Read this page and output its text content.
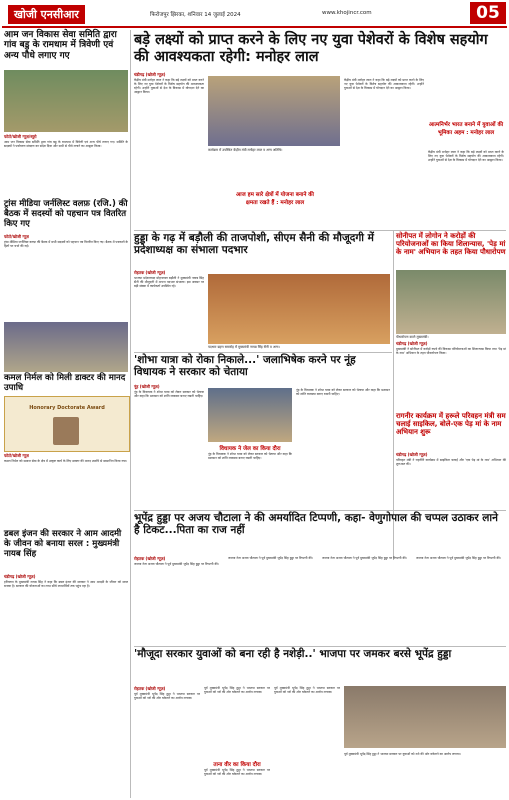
खोजी एनसीआर	फिरोजपुर झिरका, शनिवार 14 जुलाई 2024	www.khojincr.com	05
आम जन विकास सेवा समिति द्वारा गांव बडु के रामधाम में त्रिवेणी एवं अन्य पौधे लगाए गए
फोटो/खोजी न्यूज़/ब्यूरो
आम जन विकास सेवा समिति द्वारा गांव बडु के रामधाम में त्रिवेणी एवं अन्य पौधे लगाए गए। समिति के सदस्यों ने पर्यावरण संरक्षण का संदेश दिया और सभी से पौधे लगाने का आह्वान किया।
ट्रांस मीडिया जर्नलिस्ट वलफ़ (रजि.) की बैठक में सदस्यों को पहचान पत्र वितरित किए गए
फोटो/खोजी न्यूज़
ट्रांस मीडिया जर्नलिस्ट वलफ़ की बैठक में सभी सदस्यों को पहचान पत्र वितरित किए गए। बैठक में पत्रकारों के हितों पर चर्चा की गई।
कमल निर्मल को मिली डाक्टर की मानद उपाधि
Honorary Doctorate Award
फोटो/खोजी न्यूज़
कमल निर्मल को समाज सेवा के क्षेत्र में उत्कृष्ट कार्य के लिए डाक्टर की मानद उपाधि से सम्मानित किया गया।
डबल इंजन की सरकार ने आम आदमी के जीवन को बनाया सरल : मुख्यमंत्री नायब सिंह
चंडीगढ़ (खोजी न्यूज़)
हरियाणा के मुख्यमंत्री नायब सिंह ने कहा कि डबल इंजन की सरकार ने आम आदमी के जीवन को सरल बनाया है। सरकार की योजनाओं का लाभ सीधे लाभार्थियों तक पहुंच रहा है।
बड़े लक्ष्यों को प्राप्त करने के लिए नए युवा पेशेवरों के विशेष सहयोग की आवश्यकता रहेगी: मनोहर लाल
चंडीगढ़ (खोजी न्यूज़)
केंद्रीय मंत्री मनोहर लाल ने कहा कि बड़े लक्ष्यों को प्राप्त करने के लिए नए युवा पेशेवरों के विशेष सहयोग की आवश्यकता रहेगी। उन्होंने युवाओं से देश के विकास में योगदान देने का आह्वान किया।
कार्यक्रम में उपस्थित केंद्रीय मंत्री मनोहर लाल व अन्य अतिथि।
आज हम सारे क्षेत्रों में योजना बनाने की क्षमता रखते हैं : मनोहर लाल
केंद्रीय मंत्री मनोहर लाल ने कहा कि बड़े लक्ष्यों को प्राप्त करने के लिए नए युवा पेशेवरों के विशेष सहयोग की आवश्यकता रहेगी। उन्होंने युवाओं से देश के विकास में योगदान देने का आह्वान किया।
आत्मनिर्भर भारत बनाने में युवाओं की भूमिका अहम : मनोहर लाल
केंद्रीय मंत्री मनोहर लाल ने कहा कि बड़े लक्ष्यों को प्राप्त करने के लिए नए युवा पेशेवरों के विशेष सहयोग की आवश्यकता रहेगी। उन्होंने युवाओं से देश के विकास में योगदान देने का आह्वान किया।
हुड्डा के गढ़ में बड़ौली की ताजपोशी, सीएम सैनी की मौजूदगी में प्रदेशाध्यक्ष का संभाला पदभार
रोहतक (खोजी न्यूज़)
भाजपा प्रदेशाध्यक्ष मोहनलाल बड़ौली ने मुख्यमंत्री नायब सिंह सैनी की मौजूदगी में अपना पदभार संभाला। इस अवसर पर बड़ी संख्या में कार्यकर्ता उपस्थित रहे।
पदभार ग्रहण समारोह में मुख्यमंत्री नायब सिंह सैनी व अन्य।
सोनीपत में लोगोन ने करोड़ों की परियोजनाओं का किया शिलान्यास, 'पेड़ मां के नाम' अभियान के तहत किया पौधारोपण
पौधारोपण करते मुख्यमंत्री।
चंडीगढ़ (खोजी न्यूज़)
मुख्यमंत्री ने सोनीपत में करोड़ों रुपये की विकास परियोजनाओं का शिलान्यास किया तथा 'पेड़ मां के नाम' अभियान के तहत पौधारोपण किया।
'शोभा यात्रा को रोका निकाले...' जलाभिषेक करने पर नूंह विधायक ने सरकार को चेताया
नूंह (खोजी न्यूज़)
नूंह के विधायक ने शोभा यात्रा को लेकर सरकार को चेताया और कहा कि प्रशासन को शांति व्यवस्था बनाए रखनी चाहिए।
विधायक ने जेल का किया दौरा
नूंह के विधायक ने शोभा यात्रा को लेकर सरकार को चेताया और कहा कि प्रशासन को शांति व्यवस्था बनाए रखनी चाहिए।
नूंह के विधायक ने शोभा यात्रा को लेकर सरकार को चेताया और कहा कि प्रशासन को शांति व्यवस्था बनाए रखनी चाहिए।
रागनीर कार्यक्रम में हरूले परिवहन मंत्री सम चलाई साइकिल, बोले-एक पेड़ मां के नाम अभियान शुरू
चंडीगढ़ (खोजी न्यूज़)
परिवहन मंत्री ने राहगीरी कार्यक्रम में साइकिल चलाई और 'एक पेड़ मां के नाम' अभियान की शुरुआत की।
भूपेंद्र हुड्डा पर अजय चौटाला ने की अमर्यादित टिप्पणी, कहा- वेणुगोपाल की चप्पल उठाकर लाने है टिकट...पिता का राज नहीं
रोहतक (खोजी न्यूज़)
जजपा नेता अजय चौटाला ने पूर्व मुख्यमंत्री भूपेंद्र सिंह हुड्डा पर टिप्पणी की।
जजपा नेता अजय चौटाला ने पूर्व मुख्यमंत्री भूपेंद्र सिंह हुड्डा पर टिप्पणी की।	जजपा नेता अजय चौटाला ने पूर्व मुख्यमंत्री भूपेंद्र सिंह हुड्डा पर टिप्पणी की।	जजपा नेता अजय चौटाला ने पूर्व मुख्यमंत्री भूपेंद्र सिंह हुड्डा पर टिप्पणी की।
'मौजूदा सरकार युवाओं को बना रही है नशेड़ी..' भाजपा पर जमकर बरसे भूपेंद्र हुड्डा
रोहतक (खोजी न्यूज़)
पूर्व मुख्यमंत्री भूपेंद्र सिंह हुड्डा ने भाजपा सरकार पर युवाओं को नशे की ओर धकेलने का आरोप लगाया।
पूर्व मुख्यमंत्री भूपेंद्र सिंह हुड्डा ने भाजपा सरकार पर युवाओं को नशे की ओर धकेलने का आरोप लगाया।
ताना वीर का किया दौरा
पूर्व मुख्यमंत्री भूपेंद्र सिंह हुड्डा ने भाजपा सरकार पर युवाओं को नशे की ओर धकेलने का आरोप लगाया।
पूर्व मुख्यमंत्री भूपेंद्र सिंह हुड्डा ने भाजपा सरकार पर युवाओं को नशे की ओर धकेलने का आरोप लगाया।
पूर्व मुख्यमंत्री भूपेंद्र सिंह हुड्डा ने भाजपा सरकार पर युवाओं को नशे की ओर धकेलने का आरोप लगाया।
